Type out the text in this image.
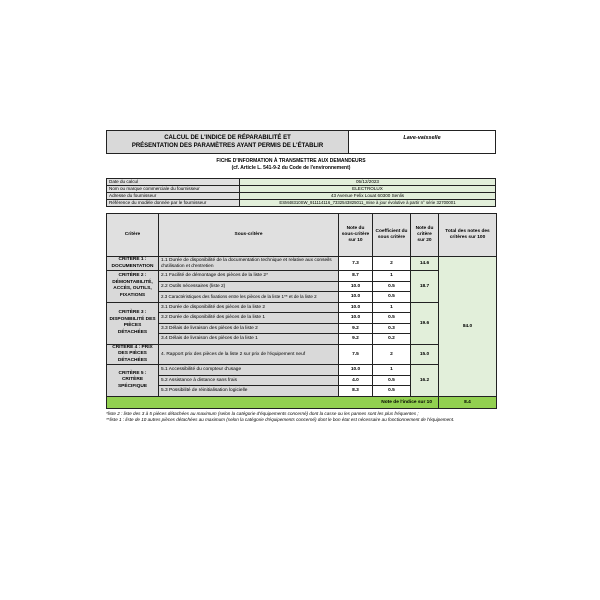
CALCUL DE L'INDICE DE RÉPARABILITÉ ET
PRÉSENTATION DES PARAMÈTRES AYANT PERMIS DE L'ÉTABLIR
	Lave-vaisselle
FICHE D'INFORMATION À TRANSMETTRE AUX DEMANDEURS
(cf. Article L. 541-9-2 du Code de l'environnement)
Date du calcul	05/12/2023
Nom ou marque commerciale du fournisseur	ELECTROLUX
Adresse du fournisseur	43 Avenue Felix Louat 60300 Senlis
Référence du modèle donnée par le fournisseur	ESM48310SW_911114116_7332543825011_mise à jour évolutive à partir n° série 32700001
Critère	Sous-critère	Note du sous-critère sur 10	Coefficient du sous critère	Note du critère sur 20	Total des notes des critères sur 100
CRITÈRE 1 : DOCUMENTATION	1.1 Durée de disponibilité de la documentation technique et relative aux conseils d'utilisation et d'entretien	7.3	2	14.6	84.0
CRITÈRE 2 : DÉMONTABILITÉ, ACCÈS, OUTILS, FIXATIONS	2.1 Facilité de démontage des pièces de la liste 2*	8.7	1	18.7	
	2.2 Outils nécessaires (liste 2)	10.0	0.5		
	2.3 Caractéristiques des fixations entre les pièces de la liste 1** et de la liste 2	10.0	0.5		
CRITÈRE 3 : DISPONIBILITÉ DES PIÈCES DÉTACHÉES	3.1 Durée de disponibilité des pièces de la liste 2	10.0	1	19.6	
	3.2 Durée de disponibilité des pièces de la liste 1	10.0	0.5		
	3.3 Délais de livraison des pièces de la liste 2	9.2	0.3		
	3.4 Délais de livraison des pièces de la liste 1	9.2	0.2		
CRITÈRE 4 : PRIX DES PIÈCES DÉTACHÉES	4. Rapport prix des pièces de la liste 2 sur prix de l'équipement neuf	7.5	2	15.0	
CRITÈRE 5 : CRITÈRE SPÉCIFIQUE	5.1 Accessibilité du compteur d'usage	10.0	1	16.2	
	5.2 Assistance à distance sans frais	4.0	0.5		
	5.3 Possibilité de réinitialisation logicielle	8.3	0.5		
Note de l'indice sur 10					8.4
*liste 2 : liste des 3 à 5 pièces détachées au maximum (selon la catégorie d'équipements concerné) dont la casse ou les pannes sont les plus fréquentes ;
**liste 1 : liste de 10 autres pièces détachées au maximum (selon la catégorie d'équipements concerné) dont le bon état est nécessaire au fonctionnement de l'équipement.
